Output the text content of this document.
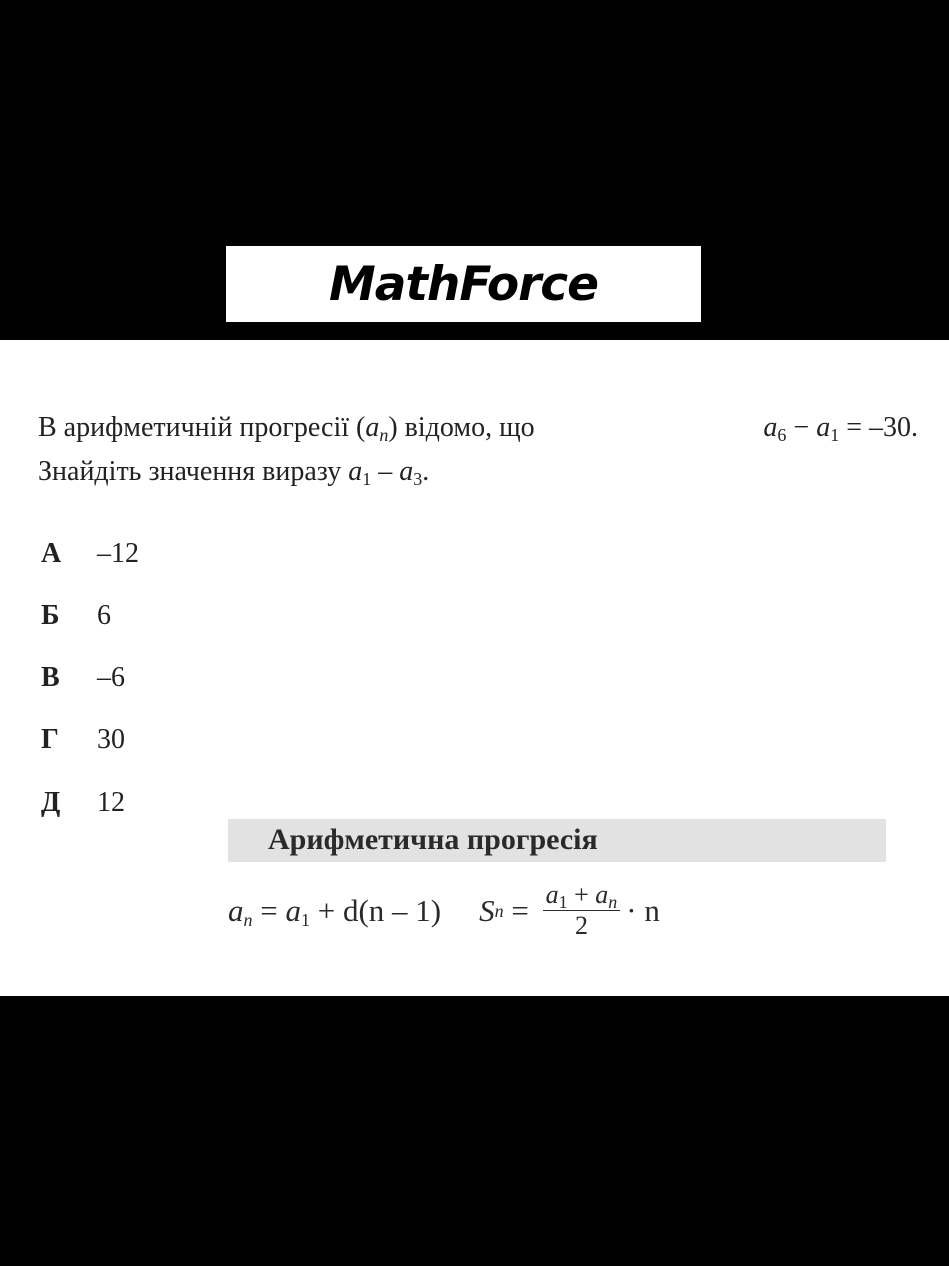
MathForce
В арифметичній прогресії $(a_n)$ відомо, що	$a_6 - a_1 = -30$.
Знайдіть значення виразу $a_1 - a_3$.
А –12
Б 6
В –6
Г 30
Д 12
Арифметична прогресія
$a_n = a_1 + d(n - 1)$ S $n = \frac{a_1 + a_n}{2} \cdot n$
